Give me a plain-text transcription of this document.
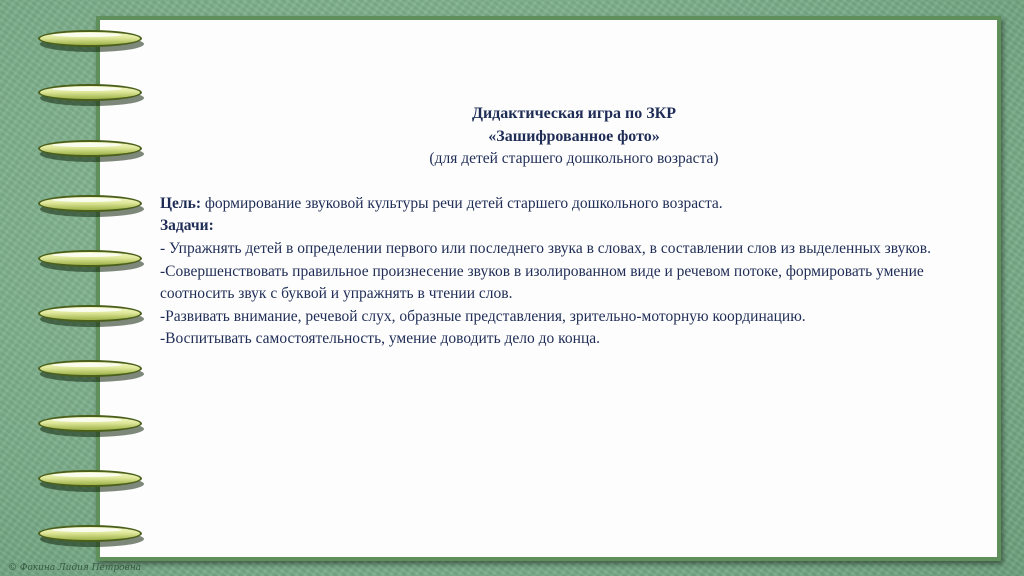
Дидактическая игра по ЗКР

«Зашифрованное фото»

(для детей старшего дошкольного возраста)

Цель: формирование звуковой культуры речи детей старшего дошкольного возраста.

Задачи:

- Упражнять детей в определении первого или последнего звука в словах, в составлении слов из выделенных звуков.

-Совершенствовать правильное произнесение звуков в изолированном виде и речевом потоке, формировать умение соотносить звук с буквой и упражнять в чтении слов.

-Развивать внимание, речевой слух, образные представления, зрительно-моторную координацию.

-Воспитывать самостоятельность, умение доводить дело до конца.

© Фокина Лидия Петровна
